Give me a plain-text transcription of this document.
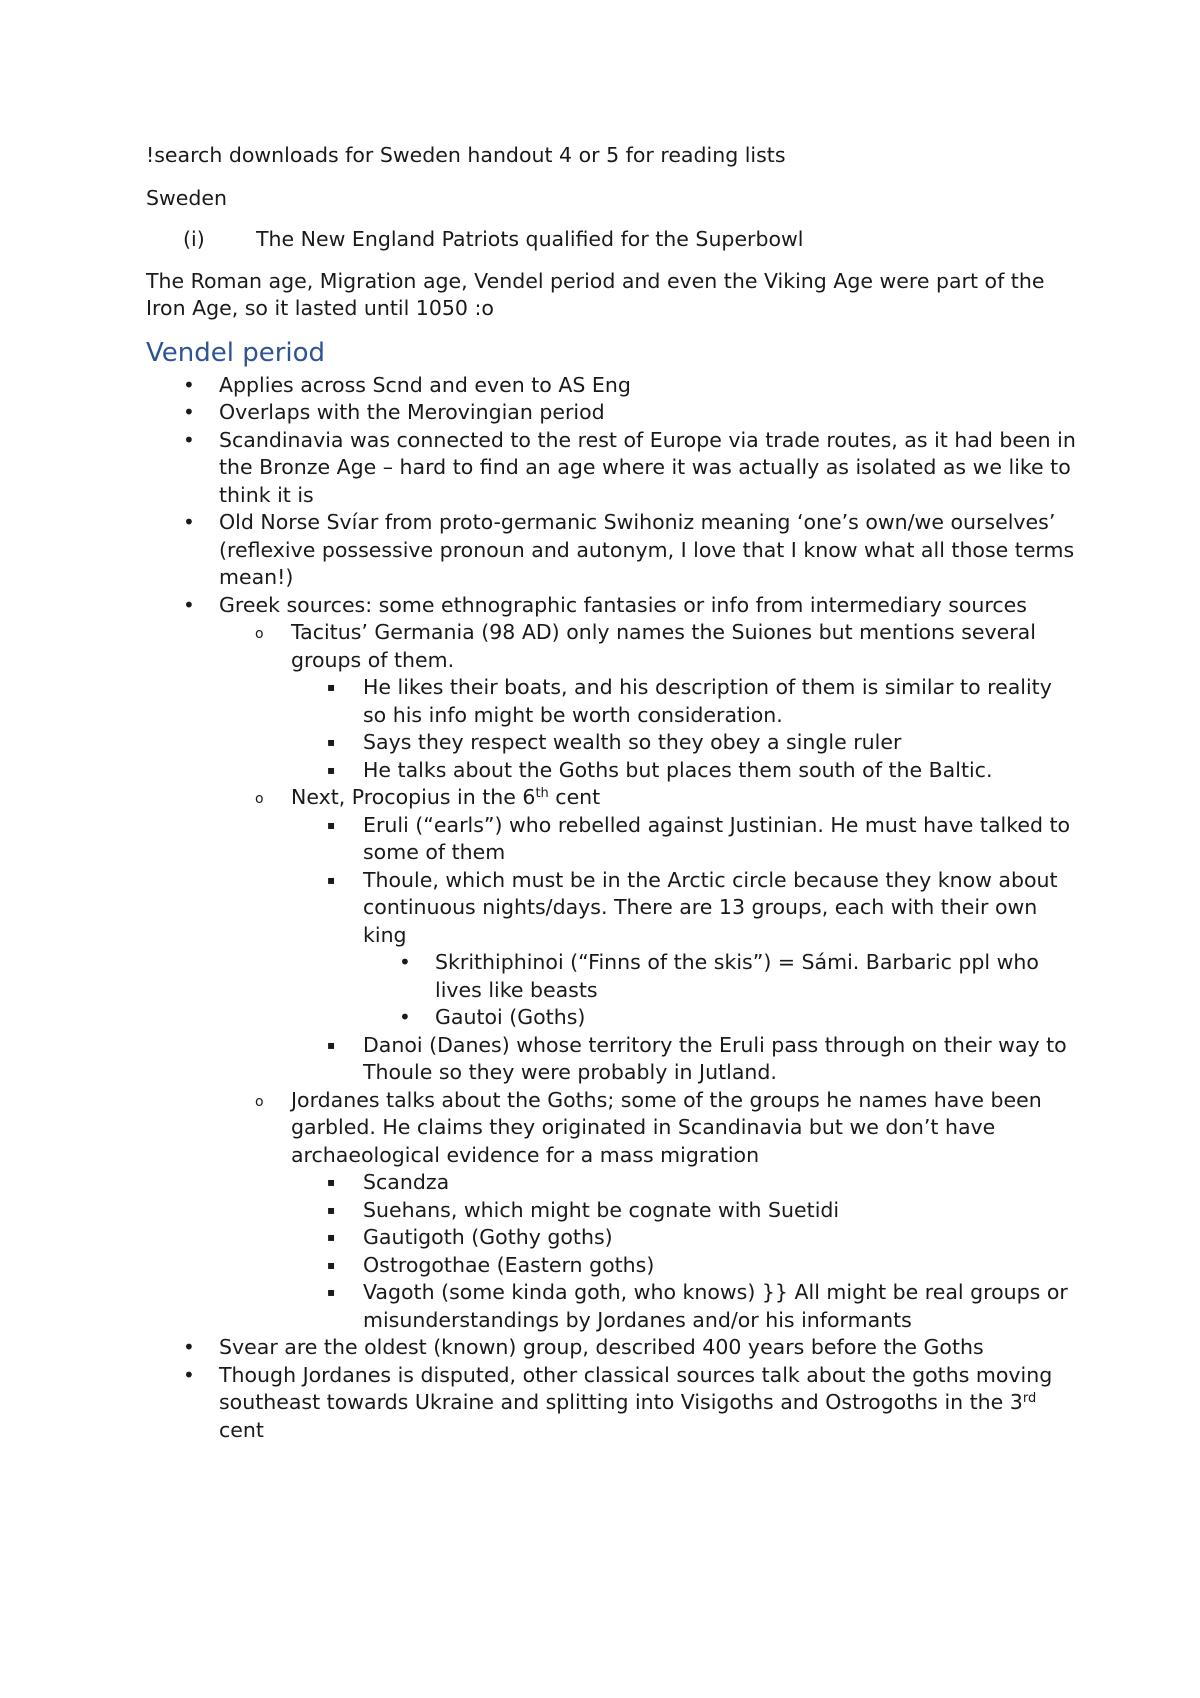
!search downloads for Sweden handout 4 or 5 for reading lists

Sweden

(i)	The New England Patriots qualified for the Superbowl

The Roman age, Migration age, Vendel period and even the Viking Age were part of the Iron Age, so it lasted until 1050 :o

Vendel period
•	Applies across Scnd and even to AS Eng
•	Overlaps with the Merovingian period
•	Scandinavia was connected to the rest of Europe via trade routes, as it had been in the Bronze Age – hard to find an age where it was actually as isolated as we like to think it is
•	Old Norse Svíar from proto-germanic Swihoniz meaning ‘one’s own/we ourselves’ (reflexive possessive pronoun and autonym, I love that I know what all those terms mean!)
•	Greek sources: some ethnographic fantasies or info from intermediary sources
o	Tacitus’ Germania (98 AD) only names the Suiones but mentions several groups of them.
▪	He likes their boats, and his description of them is similar to reality so his info might be worth consideration.
▪	Says they respect wealth so they obey a single ruler
▪	He talks about the Goths but places them south of the Baltic.
o	Next, Procopius in the 6th cent
▪	Eruli (“earls”) who rebelled against Justinian. He must have talked to some of them
▪	Thoule, which must be in the Arctic circle because they know about continuous nights/days. There are 13 groups, each with their own king
•	Skrithiphinoi (“Finns of the skis”) = Sámi. Barbaric ppl who lives like beasts
•	Gautoi (Goths)
▪	Danoi (Danes) whose territory the Eruli pass through on their way to Thoule so they were probably in Jutland.
o	Jordanes talks about the Goths; some of the groups he names have been garbled. He claims they originated in Scandinavia but we don’t have archaeological evidence for a mass migration
▪	Scandza
▪	Suehans, which might be cognate with Suetidi
▪	Gautigoth (Gothy goths)
▪	Ostrogothae (Eastern goths)
▪	Vagoth (some kinda goth, who knows) }} All might be real groups or misunderstandings by Jordanes and/or his informants
•	Svear are the oldest (known) group, described 400 years before the Goths
•	Though Jordanes is disputed, other classical sources talk about the goths moving southeast towards Ukraine and splitting into Visigoths and Ostrogoths in the 3rd cent
